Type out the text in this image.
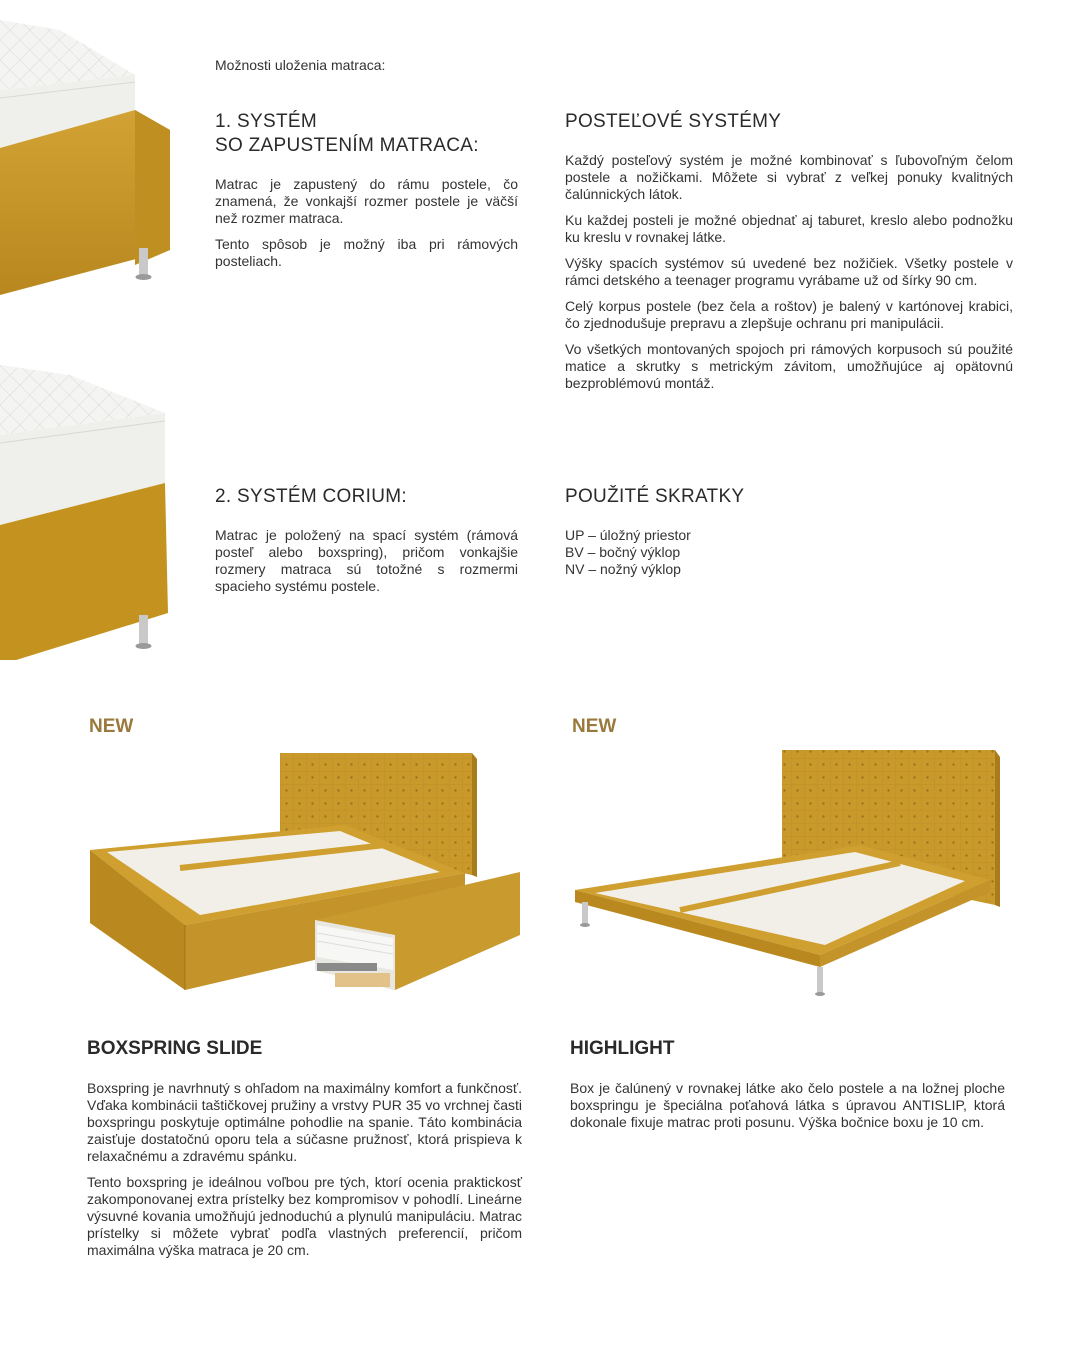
Možnosti uloženia matraca:
1. SYSTÉM
SO ZAPUSTENÍM MATRACA:

Matrac je zapustený do rámu postele, čo znamená, že vonkajší rozmer postele je väčší než rozmer matraca.

Tento spôsob je možný iba pri rámových posteliach.

POSTEĽOVÉ SYSTÉMY

Každý posteľový systém je možné kombinovať s ľubovoľným čelom postele a nožičkami. Môžete si vybrať z veľkej ponuky kvalitných čalúnnických látok.

Ku každej posteli je možné objednať aj taburet, kreslo alebo podnožku ku kreslu v rovnakej látke.

Výšky spacích systémov sú uvedené bez nožičiek. Všetky postele v rámci detského a teenager programu vyrábame už od šírky 90 cm.

Celý korpus postele (bez čela a roštov) je balený v kartónovej krabici, čo zjednodušuje prepravu a zlepšuje ochranu pri manipulácii.

Vo všetkých montovaných spojoch pri rámových korpusoch sú použité matice a skrutky s metrickým závitom, umožňujúce aj opätovnú bezproblémovú montáž.

2. SYSTÉM CORIUM:

Matrac je položený na spací systém (rámová posteľ alebo boxspring), pričom vonkajšie rozmery matraca sú totožné s rozmermi spacieho systému postele.

POUŽITÉ SKRATKY
UP – úložný priestor
BV – bočný výklop
NV – nožný výklop
NEW	NEW
BOXSPRING SLIDE

Boxspring je navrhnutý s ohľadom na maximálny komfort a funkčnosť. Vďaka kombinácii taštičkovej pružiny a vrstvy PUR 35 vo vrchnej časti boxspringu poskytuje optimálne pohodlie na spanie. Táto kombinácia zaisťuje dostatočnú oporu tela a súčasne pružnosť, ktorá prispieva k relaxačnému a zdravému spánku.

Tento boxspring je ideálnou voľbou pre tých, ktorí ocenia praktickosť zakomponovanej extra prístelky bez kompromisov v pohodlí. Lineárne výsuvné kovania umožňujú jednoduchú a plynulú manipuláciu. Matrac prístelky si môžete vybrať podľa vlastných preferencií, pričom maximálna výška matraca je 20 cm.

HIGHLIGHT

Box je čalúnený v rovnakej látke ako čelo postele a na ložnej ploche boxspringu je špeciálna poťahová látka s úpravou ANTISLIP, ktorá dokonale fixuje matrac proti posunu. Výška bočnice boxu je 10 cm.
